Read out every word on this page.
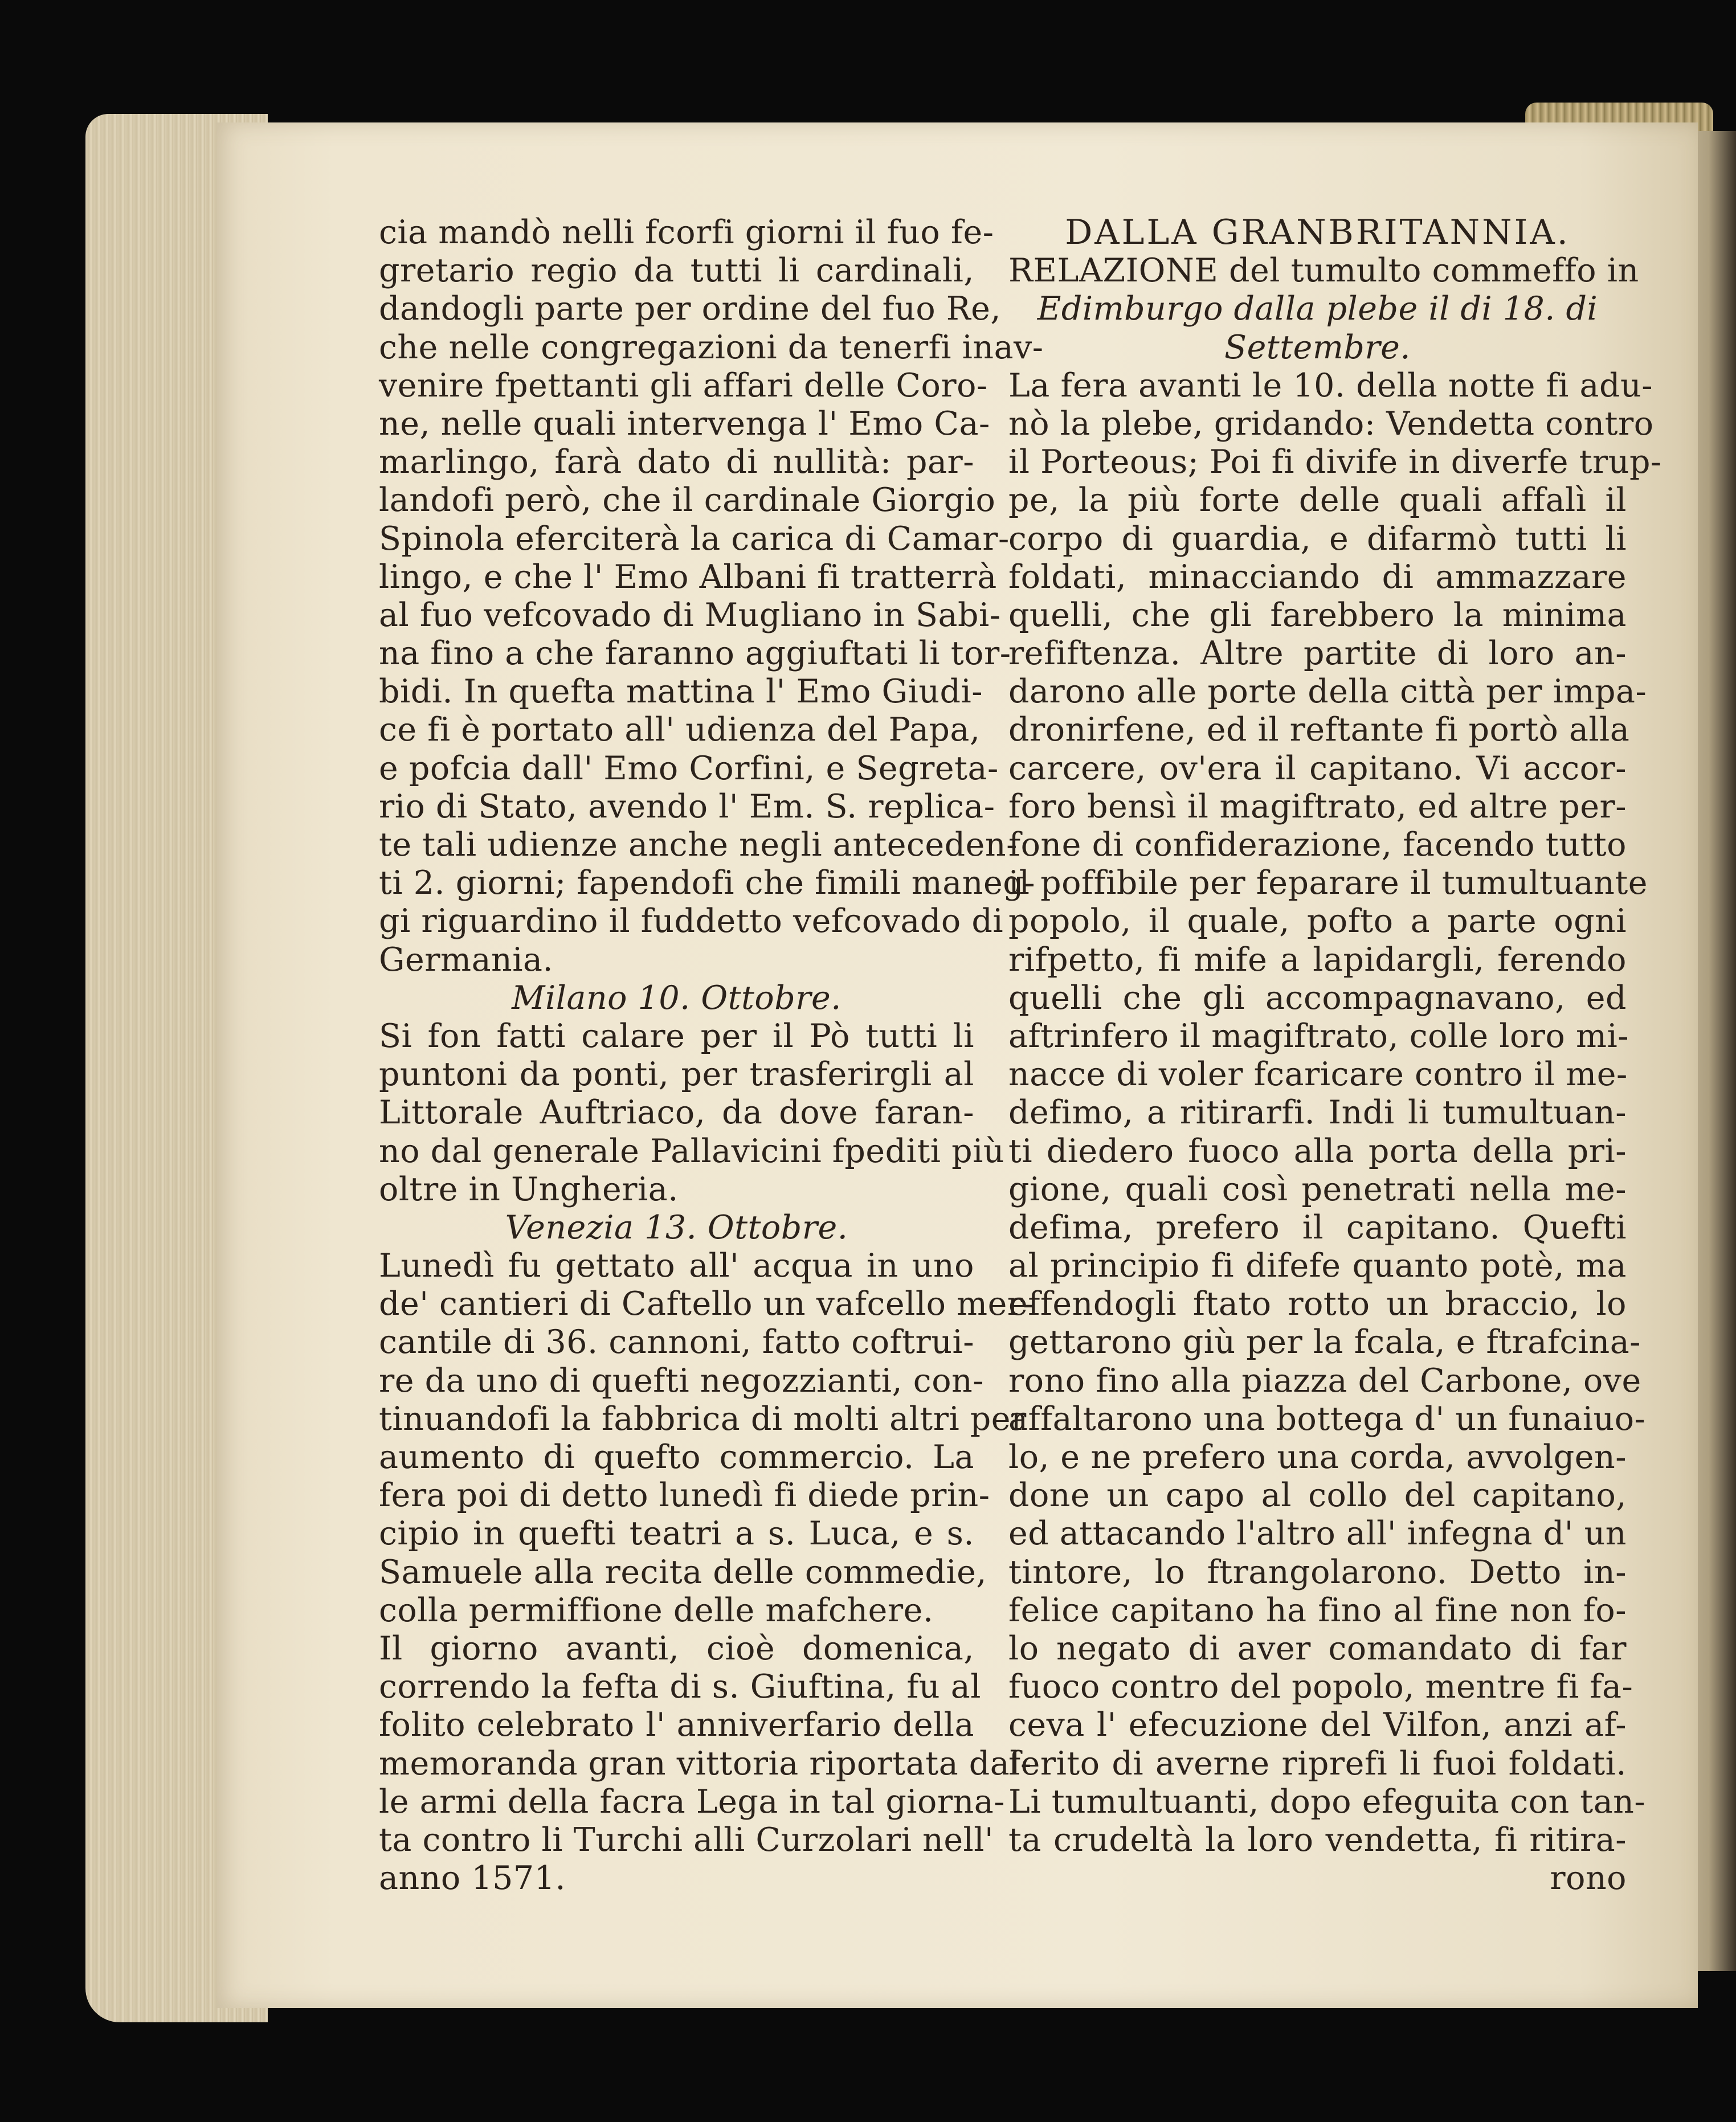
cia mandò nelli fcorfi giorni il fuo fe-
gretario regio da tutti li cardinali,
dandogli parte per ordine del fuo Re,
che nelle congregazioni da tenerfi inav-
venire fpettanti gli affari delle Coro-
ne, nelle quali intervenga l' Emo Ca-
marlingo, farà dato di nullità: par-
landofi però, che il cardinale Giorgio
Spinola eferciterà la carica di Camar-
lingo, e che l' Emo Albani fi tratterrà
al fuo vefcovado di Mugliano in Sabi-
na fino a che faranno aggiuftati li tor-
bidi. In quefta mattina l' Emo Giudi-
ce fi è portato all' udienza del Papa,
e pofcia dall' Emo Corfini, e Segreta-
rio di Stato, avendo l' Em. S. replica-
te tali udienze anche negli anteceden-
ti 2. giorni; fapendofi che fimili maneg-
gi riguardino il fuddetto vefcovado di
Germania.
Milano 10. Ottobre.
Si fon fatti calare per il Pò tutti li
puntoni da ponti, per trasferirgli al
Littorale Auftriaco, da dove faran-
no dal generale Pallavicini fpediti più
oltre in Ungheria.
Venezia 13. Ottobre.
Lunedì fu gettato all' acqua in uno
de' cantieri di Caftello un vafcello mer-
cantile di 36. cannoni, fatto coftrui-
re da uno di quefti negozzianti, con-
tinuandofi la fabbrica di molti altri per
aumento di quefto commercio. La
fera poi di detto lunedì fi diede prin-
cipio in quefti teatri a s. Luca, e s.
Samuele alla recita delle commedie,
colla permiffione delle mafchere.
Il giorno avanti, cioè domenica,
correndo la fefta di s. Giuftina, fu al
folito celebrato l' anniverfario della
memoranda gran vittoria riportata dal-
le armi della facra Lega in tal giorna-
ta contro li Turchi alli Curzolari nell'
anno 1571.
DALLA GRANBRITANNIA.
RELAZIONE del tumulto commeffo in
Edimburgo dalla plebe il di 18. di
Settembre.
La fera avanti le 10. della notte fi adu-
nò la plebe, gridando: Vendetta contro
il Porteous; Poi fi divife in diverfe trup-
pe, la più forte delle quali affalì il
corpo di guardia, e difarmò tutti li
foldati, minacciando di ammazzare
quelli, che gli farebbero la minima
refiftenza. Altre partite di loro an-
darono alle porte della città per impa-
dronirfene, ed il reftante fi portò alla
carcere, ov'era il capitano. Vi accor-
foro bensì il magiftrato, ed altre per-
fone di confiderazione, facendo tutto
il poffibile per feparare il tumultuante
popolo, il quale, pofto a parte ogni
rifpetto, fi mife a lapidargli, ferendo
quelli che gli accompagnavano, ed
aftrinfero il magiftrato, colle loro mi-
nacce di voler fcaricare contro il me-
defimo, a ritirarfi. Indi li tumultuan-
ti diedero fuoco alla porta della pri-
gione, quali così penetrati nella me-
defima, prefero il capitano. Quefti
al principio fi difefe quanto potè, ma
effendogli ftato rotto un braccio, lo
gettarono giù per la fcala, e ftrafcina-
rono fino alla piazza del Carbone, ove
affaltarono una bottega d' un funaiuo-
lo, e ne prefero una corda, avvolgen-
done un capo al collo del capitano,
ed attacando l'altro all' infegna d' un
tintore, lo ftrangolarono. Detto in-
felice capitano ha fino al fine non fo-
lo negato di aver comandato di far
fuoco contro del popolo, mentre fi fa-
ceva l' efecuzione del Vilfon, anzi af-
ferito di averne riprefi li fuoi foldati.
Li tumultuanti, dopo efeguita con tan-
ta crudeltà la loro vendetta, fi ritira-
rono
